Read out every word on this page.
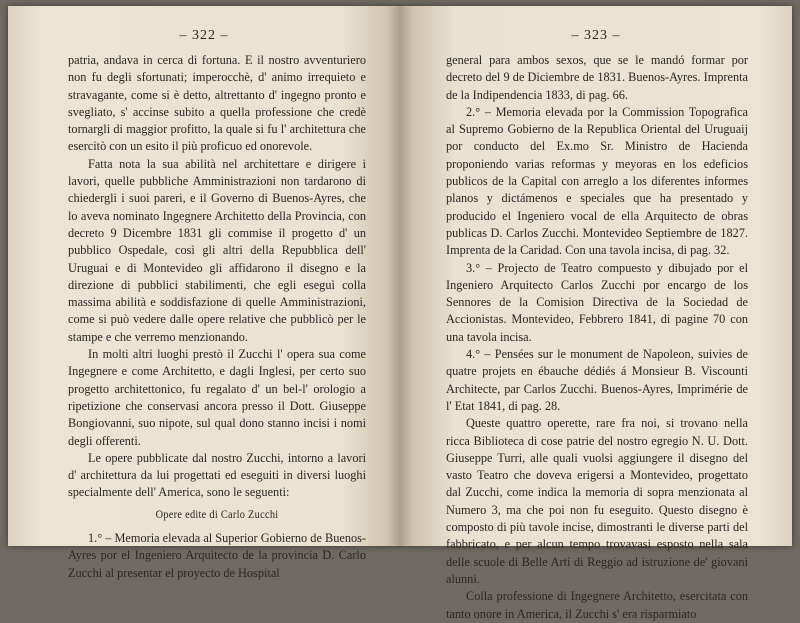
– 322 –

patria, andava in cerca di fortuna. E il nostro avventuriero non fu degli sfortunati; imperocchè, d' animo irrequieto e stravagante, come si è detto, altrettanto d' ingegno pronto e svegliato, s' accinse subito a quella professione che credè tornargli di maggior profitto, la quale si fu l' architettura che esercitò con un esito il più proficuo ed onorevole.

Fatta nota la sua abilità nel architettare e dirigere i lavori, quelle pubbliche Amministrazioni non tardarono di chiedergli i suoi pareri, e il Governo di Buenos-Ayres, che lo aveva nominato Ingegnere Architetto della Provincia, con decreto 9 Dicembre 1831 gli commise il progetto d' un pubblico Ospedale, così gli altri della Repubblica dell' Uruguai e di Montevideo gli affidarono il disegno e la direzione di pubblici stabilimenti, che egli eseguì colla massima abilità e soddisfazione di quelle Amministrazioni, come si può vedere dalle opere relative che pubblicò per le stampe e che verremo menzionando.

In molti altri luoghi prestò il Zucchi l' opera sua come Ingegnere e come Architetto, e dagli Inglesi, per certo suo progetto architettonico, fu regalato d' un bel-l' orologio a ripetizione che conservasi ancora presso il Dott. Giuseppe Bongiovanni, suo nipote, sul qual dono stanno incisi i nomi degli offerenti.

Le opere pubblicate dal nostro Zucchi, intorno a lavori d' architettura da lui progettati ed eseguiti in diversi luoghi specialmente dell' America, sono le seguenti:

Opere edite di Carlo Zucchi

1.° – Memoria elevada al Superior Gobierno de Buenos-Ayres por el Ingeniero Arquitecto de la provincia D. Carlo Zucchi al presentar el proyecto de Hospital

– 323 –

general para ambos sexos, que se le mandó formar por decreto del 9 de Diciembre de 1831. Buenos-Ayres. Imprenta de la Indipendencia 1833, di pag. 66.

2.° – Memoria elevada por la Commission Topografica al Supremo Gobierno de la Republica Oriental del Uruguaij por conducto del Ex.mo Sr. Ministro de Hacienda proponiendo varias reformas y meyoras en los edeficios publicos de la Capital con arreglo a los diferentes informes planos y dictámenos e speciales que ha presentado y producido el Ingeniero vocal de ella Arquitecto de obras publicas D. Carlos Zucchi. Montevideo Septiembre de 1827. Imprenta de la Caridad. Con una tavola incisa, di pag. 32.

3.° – Projecto de Teatro compuesto y dibujado por el Ingeniero Arquitecto Carlos Zucchi por encargo de los Sennores de la Comision Directiva de la Sociedad de Accionistas. Montevideo, Febbrero 1841, di pagine 70 con una tavola incisa.

4.° – Pensées sur le monument de Napoleon, suivies de quatre projets en ébauche dédiés á Monsieur B. Viscounti Architecte, par Carlos Zucchi. Buenos-Ayres, Imprimérie de l' Etat 1841, di pag. 28.

Queste quattro operette, rare fra noi, si trovano nella ricca Biblioteca di cose patrie del nostro egregio N. U. Dott. Giuseppe Turri, alle quali vuolsi aggiungere il disegno del vasto Teatro che doveva erigersi a Montevideo, progettato dal Zucchi, come indica la memoria di sopra menzionata al Numero 3, ma che poi non fu eseguito. Questo disegno è composto di più tavole incise, dimostranti le diverse parti del fabbricato, e per alcun tempo trovavasi esposto nella sala delle scuole di Belle Arti di Reggio ad istruzione de' giovani alunni.

Colla professione di Ingegnere Architetto, esercitata con tanto onore in America, il Zucchi s' era risparmiato
